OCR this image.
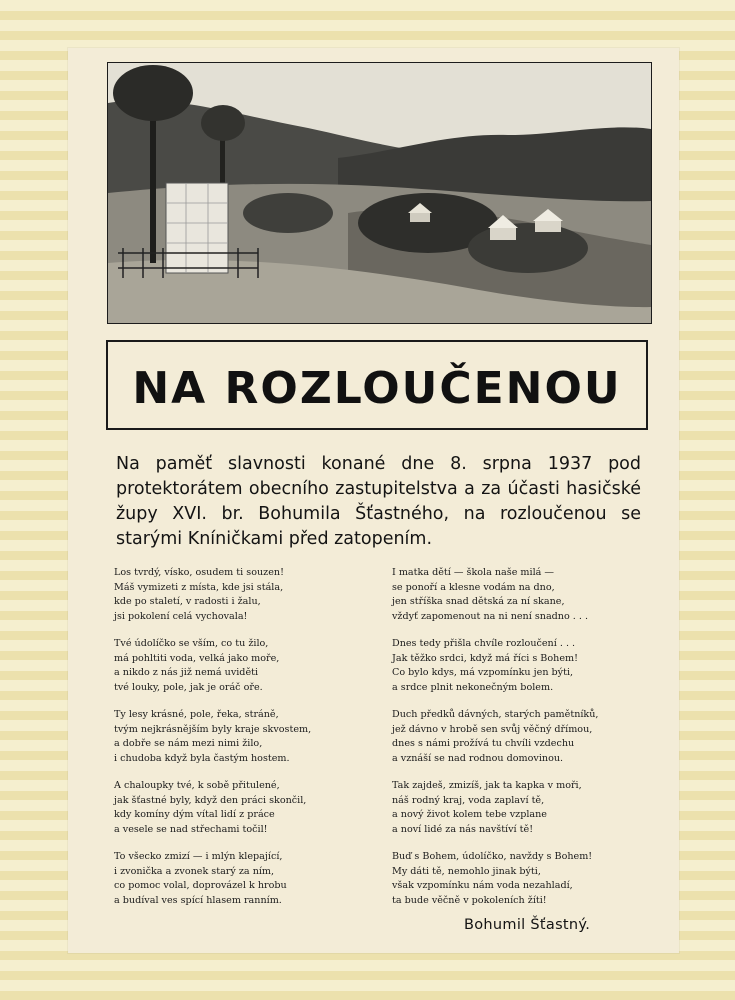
NA ROZLOUČENOU

Na paměť slavnosti konané dne 8. srpna 1937 pod protektorátem obecního zastupitelstva a za účasti hasičské župy XVI. br. Bohumila Šťastného, na rozloučenou se starými Kníničkami před zatopením.

Los tvrdý, vísko, osudem ti souzen!
Máš vymizeti z místa, kde jsi stála,
kde po staletí, v radosti i žalu,
jsi pokolení celá vychovala!
Tvé údolíčko se vším, co tu žilo,
má pohltiti voda, velká jako moře,
a nikdo z nás již nemá uviděti
tvé louky, pole, jak je oráč oře.
Ty lesy krásné, pole, řeka, stráně,
tvým nejkrásnějším byly kraje skvostem,
a dobře se nám mezi nimi žilo,
i chudoba když byla častým hostem.
A chaloupky tvé, k sobě přitulené,
jak šťastné byly, když den práci skončil,
kdy komíny dým vítal lidí z práce
a vesele se nad střechami točil!
To všecko zmizí — i mlýn klepající,
i zvonička a zvonek starý za ním,
co pomoc volal, doprovázel k hrobu
a budíval ves spící hlasem ranním.
I matka dětí — škola naše milá —
se ponoří a klesne vodám na dno,
jen stříška snad dětská za ní skane,
vždyť zapomenout na ni není snadno . . .
Dnes tedy přišla chvíle rozloučení . . .
Jak těžko srdci, když má říci s Bohem!
Co bylo kdys, má vzpomínku jen býti,
a srdce plnit nekonečným bolem.
Duch předků dávných, starých pamětníků,
jež dávno v hrobě sen svůj věčný dřímou,
dnes s námi prožívá tu chvíli vzdechu
a vznáší se nad rodnou domovinou.
Tak zajdeš, zmizíš, jak ta kapka v moři,
náš rodný kraj, voda zaplaví tě,
a nový život kolem tebe vzplane
a noví lidé za nás navštíví tě!
Buď s Bohem, údolíčko, navždy s Bohem!
My dáti tě, nemohlo jinak býti,
však vzpomínku nám voda nezahladí,
ta bude věčně v pokoleních žíti!
Bohumil Šťastný.
